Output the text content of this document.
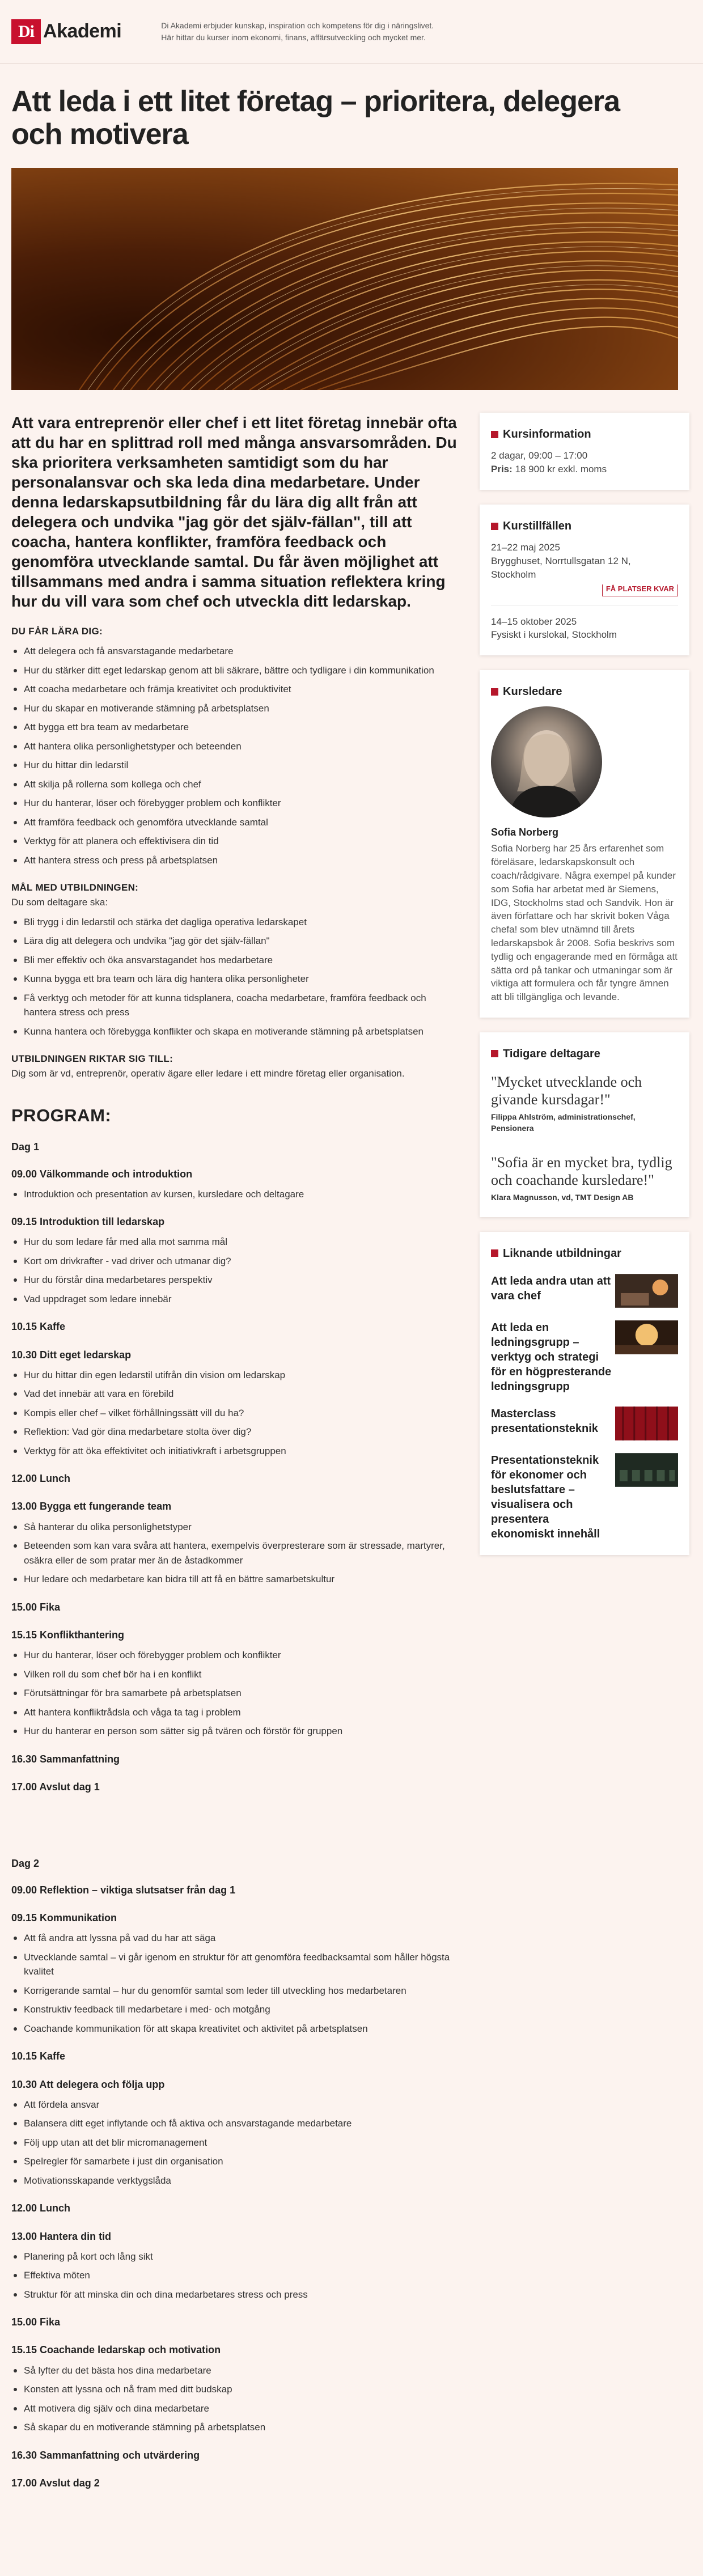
Di Akademi	Di Akademi erbjuder kunskap, inspiration och kompetens för dig i näringslivet.
Här hittar du kurser inom ekonomi, finans, affärsutveckling och mycket mer.
Att leda i ett litet företag – prioritera, delegera och motivera

Att vara entreprenör eller chef i ett litet företag innebär ofta att du har en splittrad roll med många ansvarsområden. Du ska prioritera verksamheten samtidigt som du har personalansvar och ska leda dina medarbetare. Under denna ledarskapsutbildning får du lära dig allt från att delegera och undvika "jag gör det själv-fällan", till att coacha, hantera konflikter, framföra feedback och genomföra utvecklande samtal. Du får även möjlighet att tillsammans med andra i samma situation reflektera kring hur du vill vara som chef och utveckla ditt ledarskap.

DU FÅR LÄRA DIG:
Att delegera och få ansvarstagande medarbetare
Hur du stärker ditt eget ledarskap genom att bli säkrare, bättre och tydligare i din kommunikation
Att coacha medarbetare och främja kreativitet och produktivitet
Hur du skapar en motiverande stämning på arbetsplatsen
Att bygga ett bra team av medarbetare
Att hantera olika personlighetstyper och beteenden
Hur du hittar din ledarstil
Att skilja på rollerna som kollega och chef
Hur du hanterar, löser och förebygger problem och konflikter
Att framföra feedback och genomföra utvecklande samtal
Verktyg för att planera och effektivisera din tid
Att hantera stress och press på arbetsplatsen
MÅL MED UTBILDNINGEN:
Du som deltagare ska:
Bli trygg i din ledarstil och stärka det dagliga operativa ledarskapet
Lära dig att delegera och undvika "jag gör det själv-fällan"
Bli mer effektiv och öka ansvarstagandet hos medarbetare
Kunna bygga ett bra team och lära dig hantera olika personligheter
Få verktyg och metoder för att kunna tidsplanera, coacha medarbetare, framföra feedback och hantera stress och press
Kunna hantera och förebygga konflikter och skapa en motiverande stämning på arbetsplatsen
UTBILDNINGEN RIKTAR SIG TILL:
Dig som är vd, entreprenör, operativ ägare eller ledare i ett mindre företag eller organisation.
PROGRAM:
Dag 1
09.00 Välkommande och introduktion
Introduktion och presentation av kursen, kursledare och deltagare
09.15 Introduktion till ledarskap
Hur du som ledare får med alla mot samma mål
Kort om drivkrafter - vad driver och utmanar dig?
Hur du förstår dina medarbetares perspektiv
Vad uppdraget som ledare innebär
10.15 Kaffe
10.30 Ditt eget ledarskap
Hur du hittar din egen ledarstil utifrån din vision om ledarskap
Vad det innebär att vara en förebild
Kompis eller chef – vilket förhållningssätt vill du ha?
Reflektion: Vad gör dina medarbetare stolta över dig?
Verktyg för att öka effektivitet och initiativkraft i arbetsgruppen
12.00 Lunch
13.00 Bygga ett fungerande team
Så hanterar du olika personlighetstyper
Beteenden som kan vara svåra att hantera, exempelvis överpresterare som är stressade, martyrer, osäkra eller de som pratar mer än de åstadkommer
Hur ledare och medarbetare kan bidra till att få en bättre samarbetskultur
15.00 Fika
15.15 Konflikthantering
Hur du hanterar, löser och förebygger problem och konflikter
Vilken roll du som chef bör ha i en konflikt
Förutsättningar för bra samarbete på arbetsplatsen
Att hantera konfliktrådsla och våga ta tag i problem
Hur du hanterar en person som sätter sig på tvären och förstör för gruppen
16.30 Sammanfattning
17.00 Avslut dag 1
Dag 2
09.00 Reflektion – viktiga slutsatser från dag 1
09.15 Kommunikation
Att få andra att lyssna på vad du har att säga
Utvecklande samtal – vi går igenom en struktur för att genomföra feedbacksamtal som håller högsta kvalitet
Korrigerande samtal – hur du genomför samtal som leder till utveckling hos medarbetaren
Konstruktiv feedback till medarbetare i med- och motgång
Coachande kommunikation för att skapa kreativitet och aktivitet på arbetsplatsen
10.15 Kaffe
10.30 Att delegera och följa upp
Att fördela ansvar
Balansera ditt eget inflytande och få aktiva och ansvarstagande medarbetare
Följ upp utan att det blir micromanagement
Spelregler för samarbete i just din organisation
Motivationsskapande verktygslåda
12.00 Lunch
13.00 Hantera din tid
Planering på kort och lång sikt
Effektiva möten
Struktur för att minska din och dina medarbetares stress och press
15.00 Fika
15.15 Coachande ledarskap och motivation
Så lyfter du det bästa hos dina medarbetare
Konsten att lyssna och nå fram med ditt budskap
Att motivera dig själv och dina medarbetare
Så skapar du en motiverande stämning på arbetsplatsen
16.30 Sammanfattning och utvärdering
17.00 Avslut dag 2
Kursinformation

2 dagar, 09:00 – 17:00

Pris: 18 900 kr exkl. moms

Kurstillfällen

21–22 maj 2025

Brygghuset, Norrtullsgatan 12 N, Stockholm

FÅ PLATSER KVAR

14–15 oktober 2025

Fysiskt i kurslokal, Stockholm

Kursledare
Sofia Norberg
Sofia Norberg har 25 års erfarenhet som föreläsare, ledarskapskonsult och coach/rådgivare. Några exempel på kunder som Sofia har arbetat med är Siemens, IDG, Stockholms stad och Sandvik. Hon är även författare och har skrivit boken Våga chefa! som blev utnämnd till årets ledarskapsbok år 2008. Sofia beskrivs som tydlig och engagerande med en förmåga att sätta ord på tankar och utmaningar som är viktiga att formulera och får tyngre ämnen att bli tillgängliga och levande.
Tidigare deltagare
"Mycket utvecklande och givande kursdagar!"
Filippa Ahlström, administrationschef, Pensionera
"Sofia är en mycket bra, tydlig och coachande kursledare!"
Klara Magnusson, vd, TMT Design AB
Liknande utbildningar
Att leda andra utan att vara chef
Att leda en ledningsgrupp – verktyg och strategi för en högpresterande ledningsgrupp
Masterclass presentationsteknik
Presentationsteknik för ekonomer och beslutsfattare – visualisera och presentera ekonomiskt innehåll
